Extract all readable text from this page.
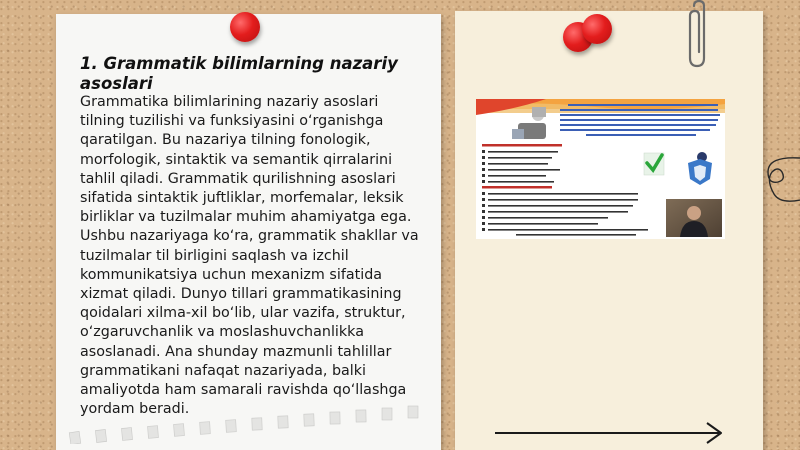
1. Grammatik bilimlarning nazariy asoslari
Grammatika bilimlarining nazariy asoslari tilning tuzilishi va funksiyasini o‘rganishga qaratilgan. Bu nazariya tilning fonologik, morfologik, sintaktik va semantik qirralarini tahlil qiladi. Grammatik qurilishning asoslari sifatida sintaktik juftliklar, morfemalar, leksik birliklar va tuzilmalar muhim ahamiyatga ega. Ushbu nazariyaga ko‘ra, grammatik shakllar va tuzilmalar til birligini saqlash va izchil kommunikatsiya uchun mexanizm sifatida xizmat qiladi. Dunyo tillari grammatikasining qoidalari xilma-xil bo‘lib, ular vazifa, struktur, o‘zgaruvchanlik va moslashuvchanlikka asoslanadi. Ana shunday mazmunli tahlillar grammatikani nafaqat nazariyada, balki amaliyotda ham samarali ravishda qo‘llashga yordam beradi.
